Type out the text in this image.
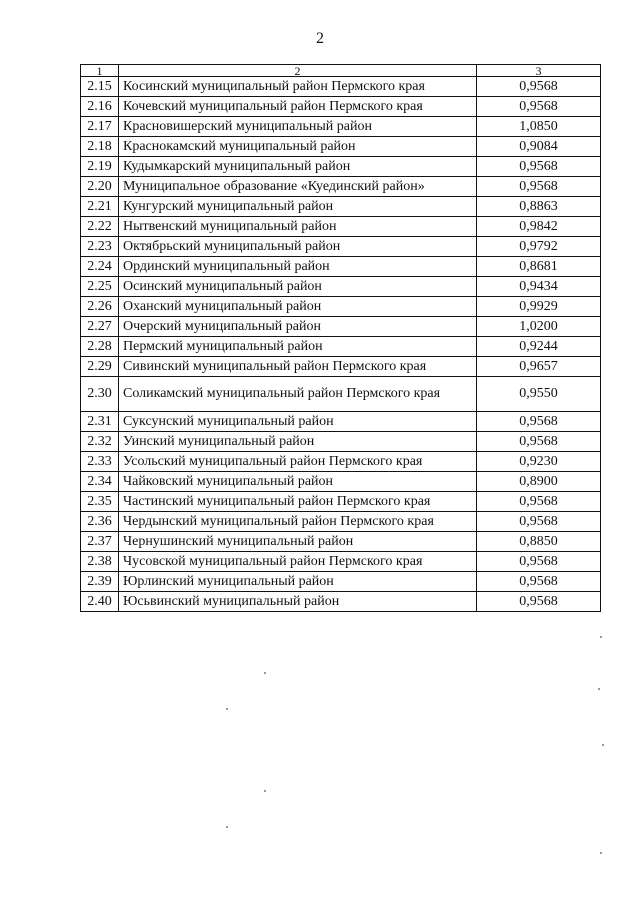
2
1	2	3
2.15	Косинский муниципальный район Пермского края	0,9568
2.16	Кочевский муниципальный район Пермского края	0,9568
2.17	Красновишерский муниципальный район	1,0850
2.18	Краснокамский муниципальный район	0,9084
2.19	Кудымкарский муниципальный район	0,9568
2.20	Муниципальное образование «Куединский район»	0,9568
2.21	Кунгурский муниципальный район	0,8863
2.22	Нытвенский муниципальный район	0,9842
2.23	Октябрьский муниципальный район	0,9792
2.24	Ординский муниципальный район	0,8681
2.25	Осинский муниципальный район	0,9434
2.26	Оханский муниципальный район	0,9929
2.27	Очерский муниципальный район	1,0200
2.28	Пермский муниципальный район	0,9244
2.29	Сивинский муниципальный район Пермского края	0,9657
2.30	Соликамский муниципальный район Пермского края	0,9550
2.31	Суксунский муниципальный район	0,9568
2.32	Уинский муниципальный район	0,9568
2.33	Усольский муниципальный район Пермского края	0,9230
2.34	Чайковский муниципальный район	0,8900
2.35	Частинский муниципальный район Пермского края	0,9568
2.36	Чердынский муниципальный район Пермского края	0,9568
2.37	Чернушинский муниципальный район	0,8850
2.38	Чусовской муниципальный район Пермского края	0,9568
2.39	Юрлинский муниципальный район	0,9568
2.40	Юсьвинский муниципальный район	0,9568
